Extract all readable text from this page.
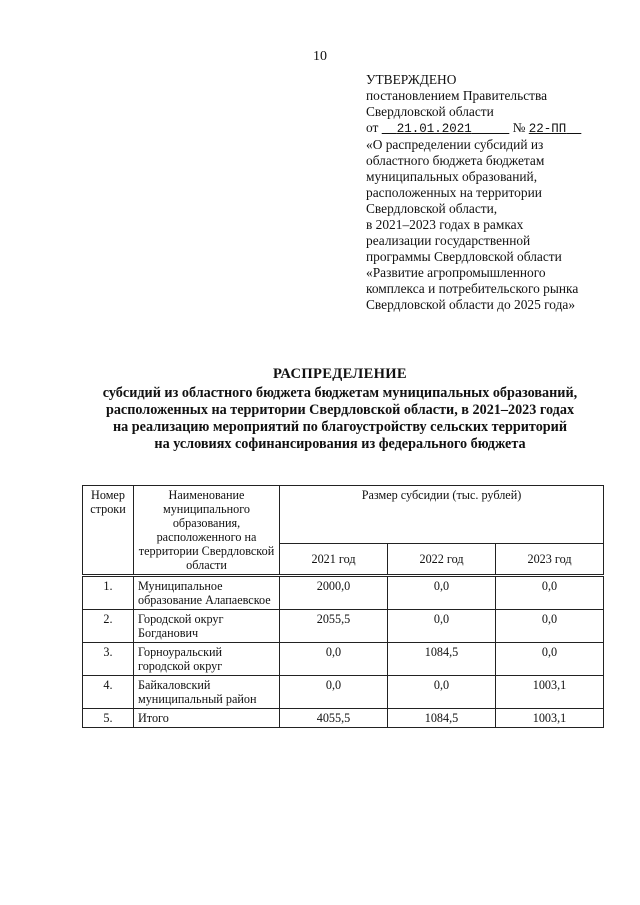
10
УТВЕРЖДЕНО
постановлением Правительства
Свердловской области
от 21.01.2021	№ 22-ПП
«О распределении субсидий из
областного бюджета бюджетам
муниципальных образований,
расположенных на территории
Свердловской области,
в 2021–2023 годах в рамках
реализации государственной
программы Свердловской области
«Развитие агропромышленного
комплекса и потребительского рынка
Свердловской области до 2025 года»
РАСПРЕДЕЛЕНИЕ
субсидий из областного бюджета бюджетам муниципальных образований,
расположенных на территории Свердловской области, в 2021–2023 годах
на реализацию мероприятий по благоустройству сельских территорий
на условиях софинансирования из федерального бюджета
Номер строки	Наименование муниципального образования, расположенного на территории Свердловской области	Размер субсидии (тыс. рублей)		
		2021 год	2022 год	2023 год
1.	Муниципальное образование Алапаевское	2000,0	0,0	0,0
2.	Городской округ Богданович	2055,5	0,0	0,0
3.	Горноуральский городской округ	0,0	1084,5	0,0
4.	Байкаловский муниципальный район	0,0	0,0	1003,1
5.	Итого	4055,5	1084,5	1003,1
